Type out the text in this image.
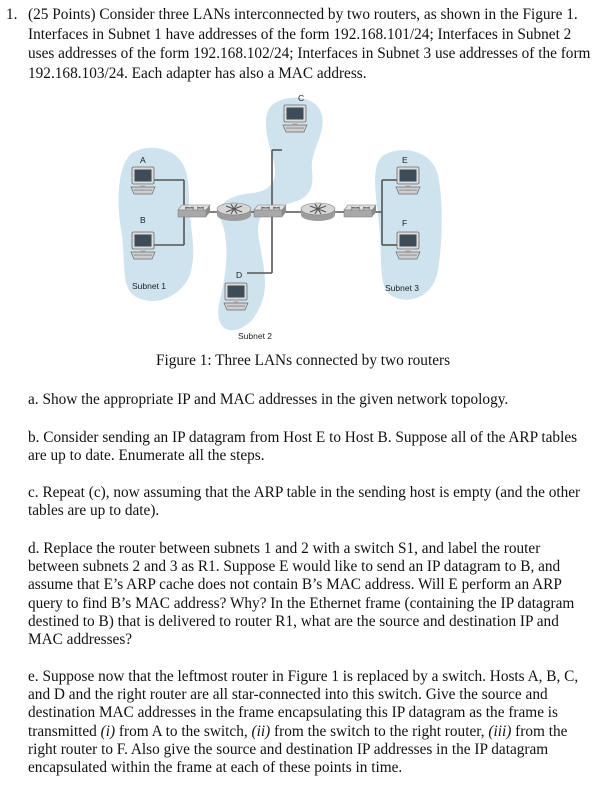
1. (25 Points) Consider three LANs interconnected by two routers, as shown in the Figure 1. Interfaces in Subnet 1 have addresses of the form 192.168.101/24; Interfaces in Subnet 2 uses addresses of the form 192.168.102/24; Interfaces in Subnet 3 use addresses of the form 192.168.103/24. Each adapter has also a MAC address.
A
B
C
D
E
F
Subnet 1
Subnet 2
Subnet 3
Figure 1: Three LANs connected by two routers
a. Show the appropriate IP and MAC addresses in the given network topology.
b. Consider sending an IP datagram from Host E to Host B. Suppose all of the ARP tables are up to date. Enumerate all the steps.
c. Repeat (c), now assuming that the ARP table in the sending host is empty (and the other tables are up to date).
d. Replace the router between subnets 1 and 2 with a switch S1, and label the router between subnets 2 and 3 as R1. Suppose E would like to send an IP datagram to B, and assume that E’s ARP cache does not contain B’s MAC address. Will E perform an ARP query to find B’s MAC address? Why? In the Ethernet frame (containing the IP datagram destined to B) that is delivered to router R1, what are the source and destination IP and MAC addresses?
e. Suppose now that the leftmost router in Figure 1 is replaced by a switch. Hosts A, B, C, and D and the right router are all star-connected into this switch. Give the source and destination MAC addresses in the frame encapsulating this IP datagram as the frame is transmitted (i) from A to the switch, (ii) from the switch to the right router, (iii) from the right router to F. Also give the source and destination IP addresses in the IP datagram encapsulated within the frame at each of these points in time.
